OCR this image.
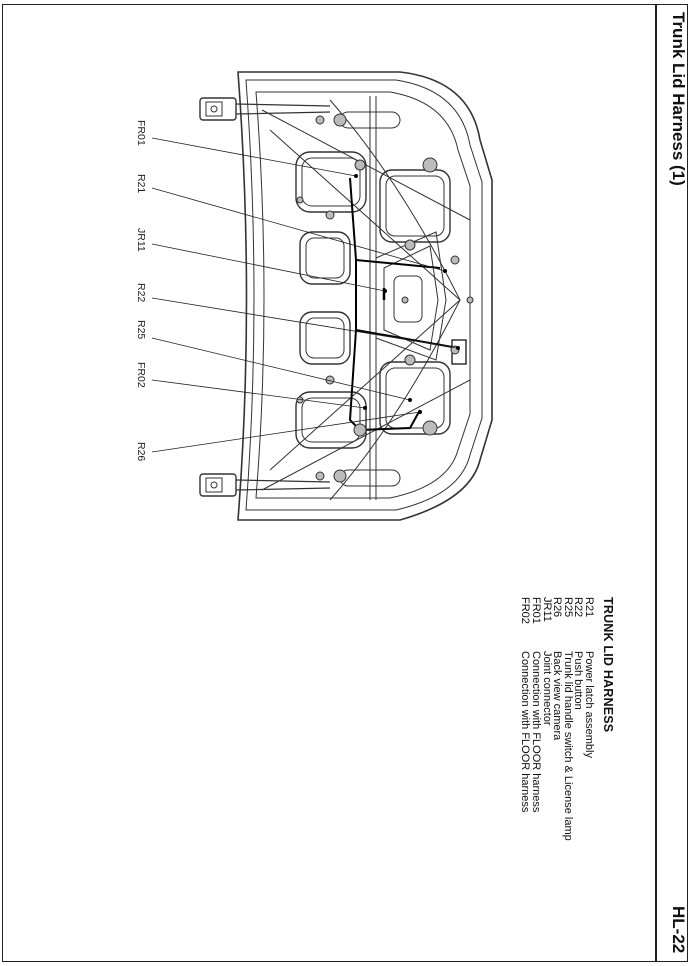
Trunk Lid Harness (1)
HL-22
FR01
R21
JR11
R22
R25
FR02
R26
TRUNK LID HARNESS
R21
Power latch assembly
R22
Push button
R25
Trunk lid handle switch & License lamp
R26
Back view camera
JR11
Joint connector
FR01
Connection with FLOOR harness
FR02
Connection with FLOOR harness
